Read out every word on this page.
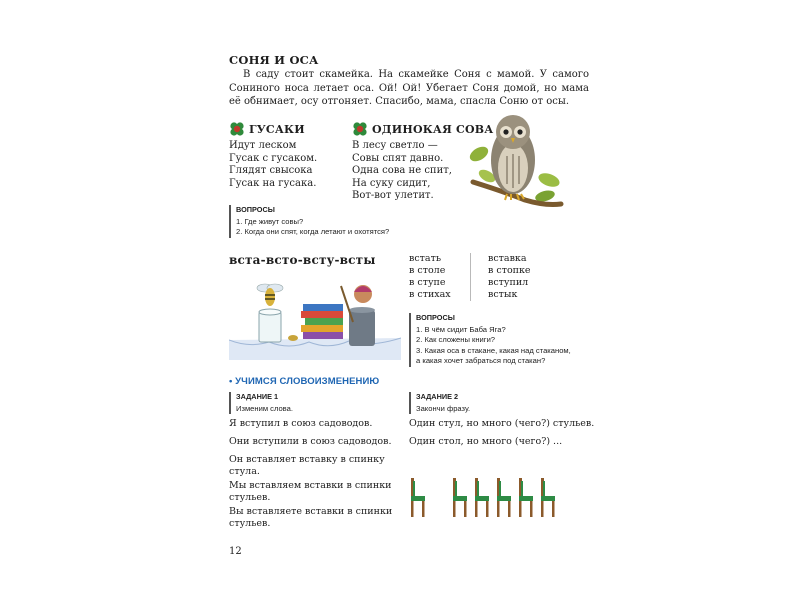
СОНЯ И ОСА
В саду стоит скамейка. На скамейке Соня с мамой. У самого Сониного носа летает оса. Ой! Ой! Убегает Соня домой, но мама её обнимает, осу отгоняет. Спасибо, мама, спасла Соню от осы.
ГУСАКИ
Идут леском
Гусак с гусаком.
Глядят свысока
Гусак на гусака.
ОДИНОКАЯ СОВА
В лесу светло —
Совы спят давно.
Одна сова не спит,
На суку сидит,
Вот-вот улетит.
ВОПРОСЫ
1. Где живут совы?
2. Когда они спят, когда летают и охотятся?
вста-всто-всту-всты	встать
в столе
в ступе
в стихах
вставка
в стопке
вступил
встык
ВОПРОСЫ
1. В чём сидит Баба Яга?
2. Как сложены книги?
3. Какая оса в стакане, какая над стаканом,
а какая хочет забраться под стакан?
• УЧИМСЯ СЛОВОИЗМЕНЕНИЮ
ЗАДАНИЕ 1
Изменим слова.
ЗАДАНИЕ 2
Закончи фразу.
Я вступил в союз садоводов.
Они вступили в союз садоводов.
Он вставляет вставку в спинку стула.
Мы вставляем вставки в спинки стульев.
Вы вставляете вставки в спинки стульев.
Один стул, но много (чего?) стульев.
Один стол, но много (чего?) ...
12
